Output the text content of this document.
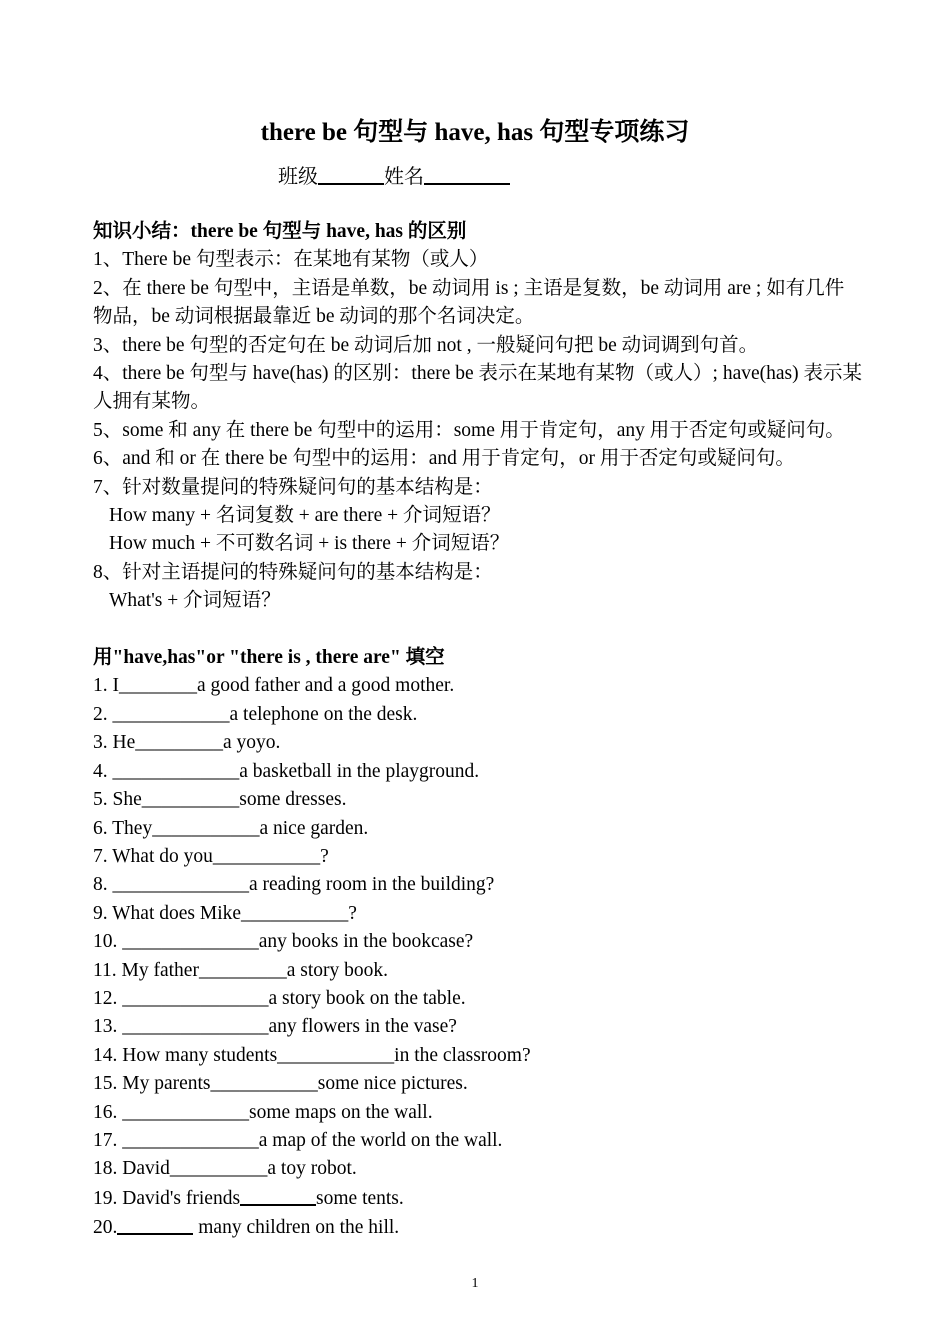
there be 句型与 have, has 句型专项练习
班级	姓名
知识小结：there be 句型与 have, has 的区别
1、There be 句型表示：在某地有某物（或人）
2、在 there be 句型中，主语是单数，be 动词用 is ; 主语是复数，be 动词用 are ; 如有几件物品，be 动词根据最靠近 be 动词的那个名词决定。
3、there be 句型的否定句在 be 动词后加 not , 一般疑问句把 be 动词调到句首。
4、there be 句型与 have(has) 的区别：there be 表示在某地有某物（或人）; have(has) 表示某人拥有某物。
5、some 和 any 在 there be 句型中的运用：some 用于肯定句，any 用于否定句或疑问句。
6、and 和 or 在 there be 句型中的运用：and 用于肯定句，or 用于否定句或疑问句。
7、针对数量提问的特殊疑问句的基本结构是：
How many + 名词复数 + are there + 介词短语？
How much + 不可数名词 + is there + 介词短语？
8、针对主语提问的特殊疑问句的基本结构是：
What's + 介词短语？
用"have,has"or "there is , there are" 填空
1. I________a good father and a good mother.
2. ____________a telephone on the desk.
3. He_________a yoyo.
4. _____________a basketball in the playground.
5. She__________some dresses.
6. They___________a nice garden.
7. What do you___________?
8. ______________a reading room in the building?
9. What does Mike___________?
10. ______________any books in the bookcase?
11. My father_________a story book.
12. _______________a story book on the table.
13. _______________any flowers in the vase?
14. How many students____________in the classroom?
15. My parents___________some nice pictures.
16. _____________some maps on the wall.
17. ______________a map of the world on the wall.
18. David__________a toy robot.
19. David's friends	some tents.
20.	many children on the hill.
1
